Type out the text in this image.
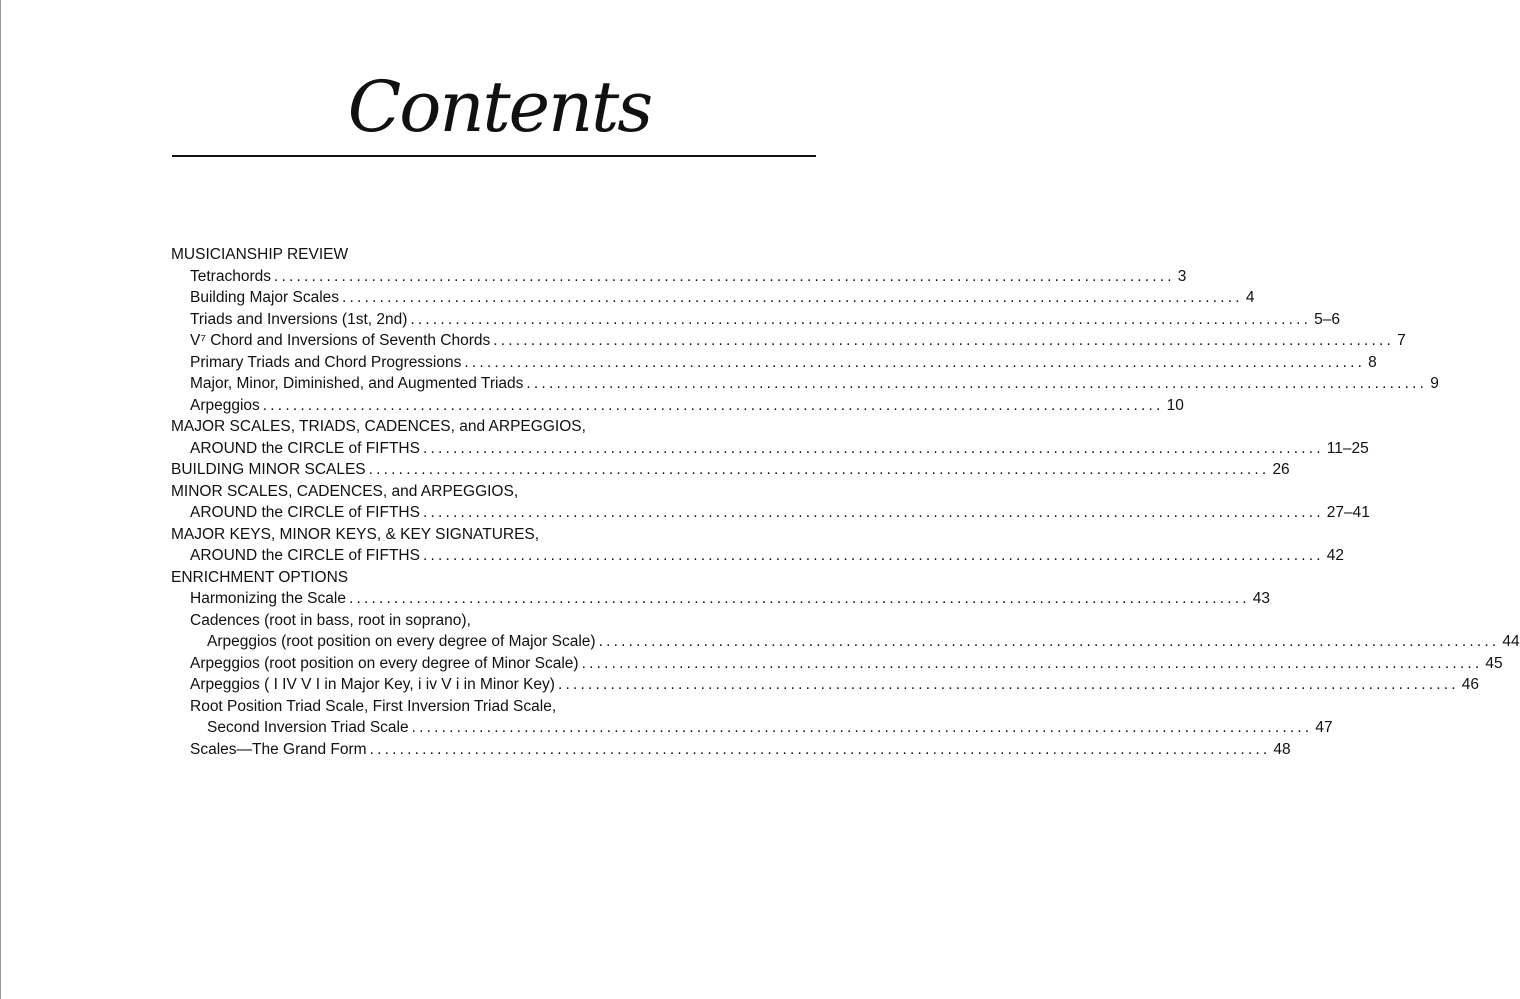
Contents
MUSICIANSHIP REVIEW
Tetrachords ........................................................................................................................ 3
Building Major Scales ........................................................................................................................ 4
Triads and Inversions (1st, 2nd) ........................................................................................................................ 5–6
V⁷ Chord and Inversions of Seventh Chords ........................................................................................................................ 7
Primary Triads and Chord Progressions ........................................................................................................................ 8
Major, Minor, Diminished, and Augmented Triads ........................................................................................................................ 9
Arpeggios ........................................................................................................................ 10
MAJOR SCALES, TRIADS, CADENCES, and ARPEGGIOS,
AROUND the CIRCLE of FIFTHS ........................................................................................................................ 11–25
BUILDING MINOR SCALES ........................................................................................................................ 26
MINOR SCALES, CADENCES, and ARPEGGIOS,
AROUND the CIRCLE of FIFTHS ........................................................................................................................ 27–41
MAJOR KEYS, MINOR KEYS, & KEY SIGNATURES,
AROUND the CIRCLE of FIFTHS ........................................................................................................................ 42
ENRICHMENT OPTIONS
Harmonizing the Scale ........................................................................................................................ 43
Cadences (root in bass, root in soprano),
Arpeggios (root position on every degree of Major Scale) ........................................................................................................................ 44
Arpeggios (root position on every degree of Minor Scale) ........................................................................................................................ 45
Arpeggios ( I IV V I in Major Key, i iv V i in Minor Key) ........................................................................................................................ 46
Root Position Triad Scale, First Inversion Triad Scale,
Second Inversion Triad Scale ........................................................................................................................ 47
Scales—The Grand Form ........................................................................................................................ 48
